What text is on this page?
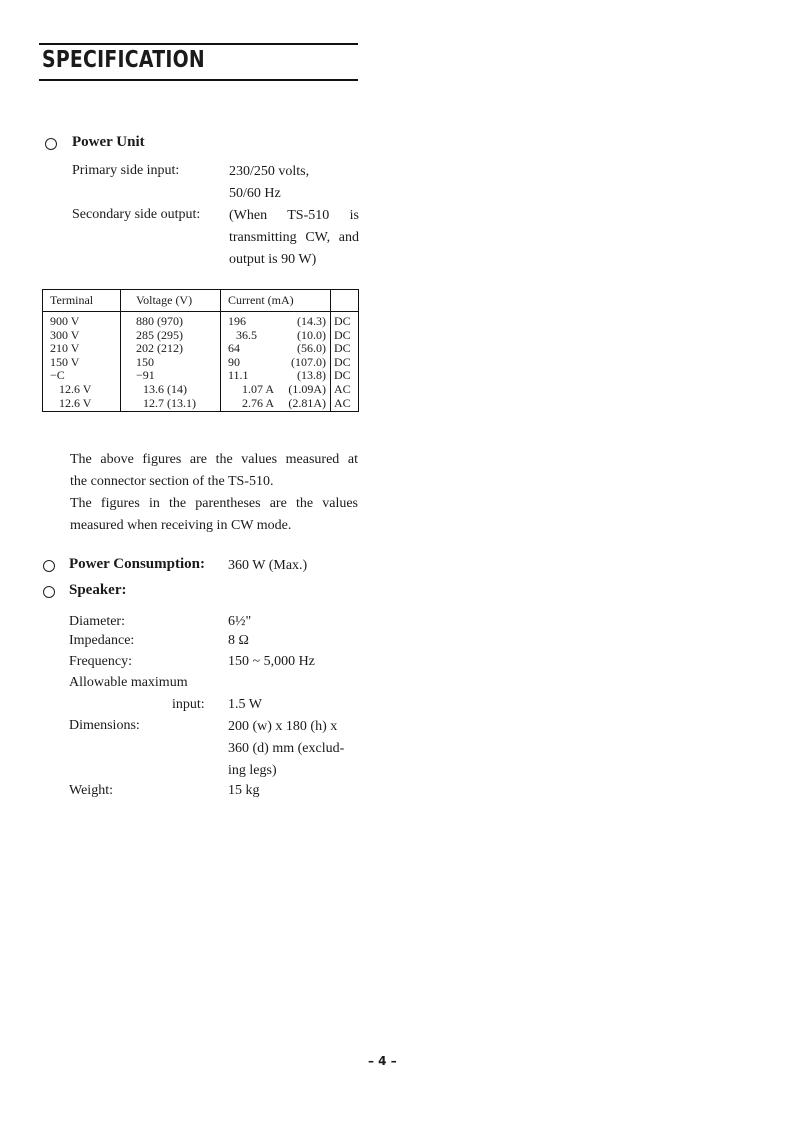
SPECIFICATION
Power Unit
Primary side input:	230/250 volts,
50/60 Hz
Secondary side output: (When TS-510 is
transmitting CW, and
output is 90 W)
Terminal	Voltage (V)	Current (mA)	
900 V	880 (970)	196 (14.3)	DC
300 V	285 (295)	36.5 (10.0)	DC
210 V	202 (212)	64 (56.0)	DC
150 V	150	90 (107.0)	DC
−C	−91	11.1 (13.8)	DC
12.6 V	13.6 (14)	1.07 A (1.09A)	AC
12.6 V	12.7 (13.1)	2.76 A (2.81A)	AC
The above figures are the values measured at
the connector section of the TS-510.
The figures in the parentheses are the values
measured when receiving in CW mode.
Power Consumption: 360 W (Max.)
Speaker:
Diameter:	6½"
Impedance:	8 Ω
Frequency:	150 ~ 5,000 Hz
Allowable maximum
input: 1.5 W
Dimensions:	200 (w) x 180 (h) x
360 (d) mm (exclud-
ing legs)
Weight:	15 kg
– 4 –
